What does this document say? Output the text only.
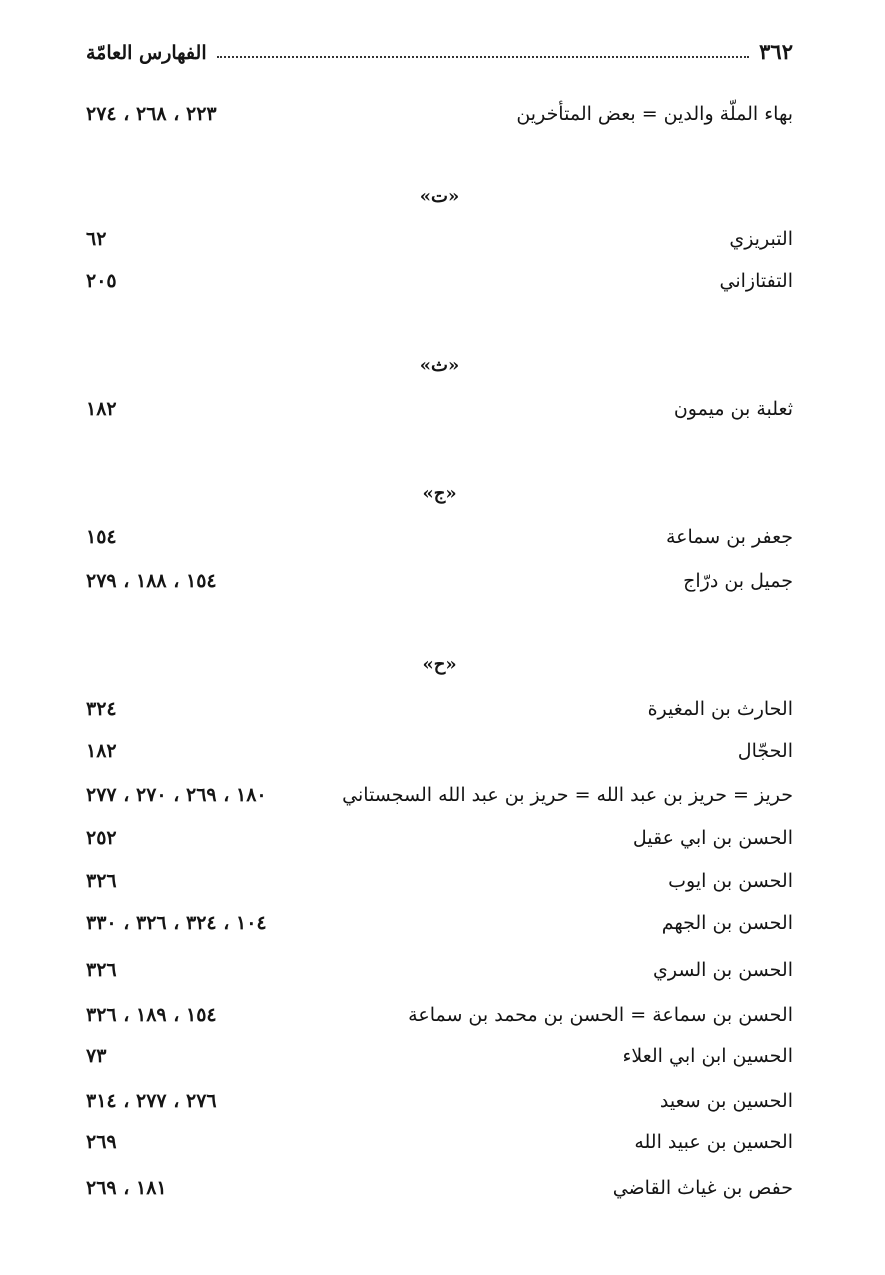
٣٦٢
الفهارس العامّة
بهاء الملّة والدين = بعض المتأخرين
٢٢٣ ، ٢٦٨ ، ٢٧٤
«ت»
التبريزي
٦٢
التفتازاني
٢٠٥
«ث»
ثعلبة بن ميمون
١٨٢
«ج»
جعفر بن سماعة
١٥٤
جميل بن درّاج
١٥٤ ، ١٨٨ ، ٢٧٩
«ح»
الحارث بن المغيرة
٣٢٤
الحجّال
١٨٢
حريز = حريز بن عبد الله = حريز بن عبد الله السجستاني
١٨٠ ، ٢٦٩ ، ٢٧٠ ، ٢٧٧
الحسن بن ابي عقيل
٢٥٢
الحسن بن ايوب
٣٢٦
الحسن بن الجهم
١٠٤ ، ٣٢٤ ، ٣٢٦ ، ٣٣٠
الحسن بن السري
٣٢٦
الحسن بن سماعة = الحسن بن محمد بن سماعة
١٥٤ ، ١٨٩ ، ٣٢٦
الحسين ابن ابي العلاء
٧٣
الحسين بن سعيد
٢٧٦ ، ٢٧٧ ، ٣١٤
الحسين بن عبيد الله
٢٦٩
حفص بن غياث القاضي
١٨١ ، ٢٦٩
